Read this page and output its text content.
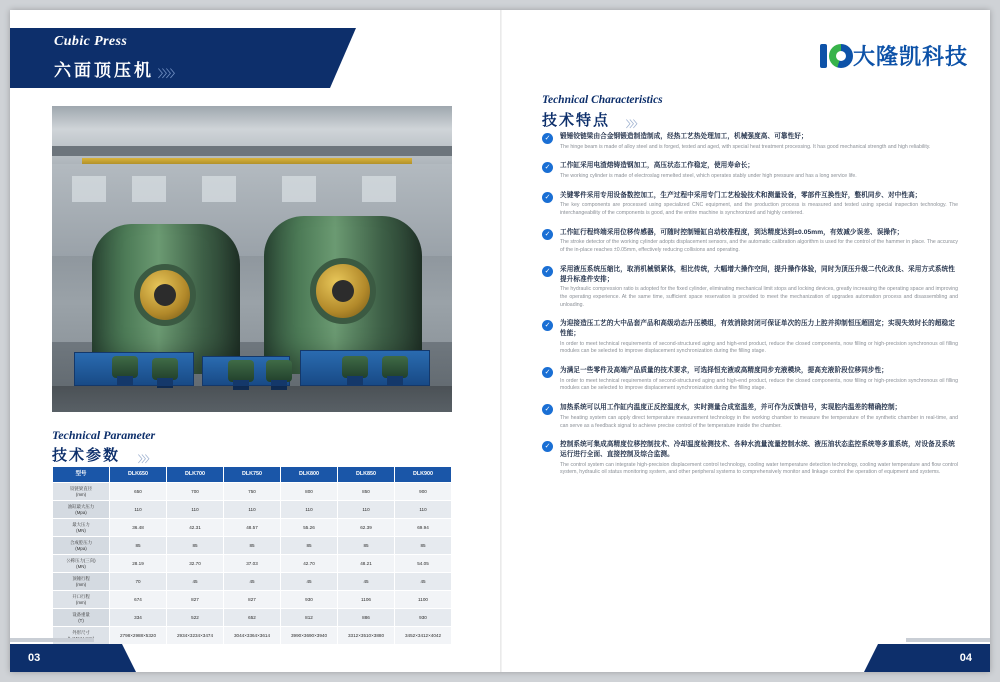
Cubic Press
六面顶压机 〉〉〉〉
Technical Parameter
技术参数 〉〉〉
型号	DLK650	DLK700	DLK750	DLK800	DLK850	DLK900
铰链梁直径
(mm)	650	700	750	800	850	900
油缸最大压力
(Mpa)	110	110	110	110	110	110
最大压力
(MN)	36.48	42.31	48.57	55.26	62.39	69.94
合成腔压力
(Mpa)	85	85	85	85	85	85
公称压力(三向)
(MN)	28.19	32.70	37.03	42.70	48.21	54.05
顶锤行程
(mm)	70	45	45	45	45	45
开口行程
(mm)	674	827	827	930	1106	1100
设备重量
(T)	334	522	652	812	886	930
外形尺寸	2798×2988×5320	2934×3234×3474	3044×3364×3614	3990×3690×3940	3312×3510×3880	3452×3412×4042
03
大隆凯科技
Technical Characteristics
技术特点 〉〉〉
✓	锻锤铰链梁由合金钢锻造制造制成，经热工艺热处理加工，机械强度高、可靠性好；
The hinge beam is made of alloy steel and is forged, tested and aged, with special heat treatment processing. It has good mechanical strength and high reliability.
✓	工作缸采用电渣熔铸造钢加工，高压状态工作稳定，使用寿命长；
The working cylinder is made of electroslag remelted steel, which operates stably under high pressure and has a long service life.
✓	关键零件采用专用设备数控加工，生产过程中采用专门工艺检验技术和测量设备，零部件互换性好，整机同步、对中性高；
The key components are processed using specialized CNC equipment, and the production process is measured and tested using special inspection technology. The interchangeability of the components is good, and the entire machine is synchronized and highly centered.
✓	工作缸行程终端采用位移传感器，可随时控制锤缸自动校准程度，到达精度达到±0.05mm，有效减少误差、误操作；
The stroke detector of the working cylinder adopts displacement sensors, and the automatic calibration algorithm is used for the control of the hammer in place. The accuracy of the in-place reaches ±0.05mm, effectively reducing collisions and operating.
✓	采用液压系统压缩比，取消机械锁紧体，相比传统，大幅增大操作空间，提升操作体验，同时为顶压升级二代化改良、采用方式系统性提升标准件安排；
The hydraulic compression ratio is adopted for the fixed cylinder, eliminating mechanical limit stops and locking devices, greatly increasing the operating space and improving the operating experience. At the same time, sufficient space reservation is provided to meet the mechanization of upgrades automation process and disassembling and unloading.
✓	为迎接造压工艺的大中品套产品和高级动态升压模组，有效消除封闭可保证单次的压力上腔并抑制恒压超固定；实现失效时长的超稳定性能；
In order to meet technical requirements of second-structured aging and high-end product, reduce the closed components, now filling or high-precision synchronous oil filling modules can be selected to improve displacement synchronization during the filling stage.
✓	为满足一些零件及高端产品质量的技术要求，可选择恒充液或高精度同步充液模块，提高充液阶段位移同步性；
In order to meet technical requirements of second-structured aging and high-end product, reduce the closed components, now filling or high-precision synchronous oil filling modules can be selected to improve displacement synchronization during the filling stage.
✓	加热系统可以用工作缸内温度正反控温度水，实时测量合成室温差，并可作为反馈信号，实现腔内温差的精确控制；
The heating system can apply direct temperature measurement technology in the working chamber to measure the temperature of the synthetic chamber in real-time, and can serve as a feedback signal to achieve precise control of the temperature inside the chamber.
✓	控制系统可集成高精度位移控制技术、冷却温度检测技术、各种水流量流量控制水统、液压油状态监控系统等多重系统，对设备及系统运行进行全面、直接控制及综合监测。
The control system can integrate high-precision displacement control technology, cooling water temperature detection technology, cooling water temperature and flow control system, hydraulic oil status monitoring system, and other peripheral systems to comprehensively monitor and linkage control the operation of equipment and systems.
04
